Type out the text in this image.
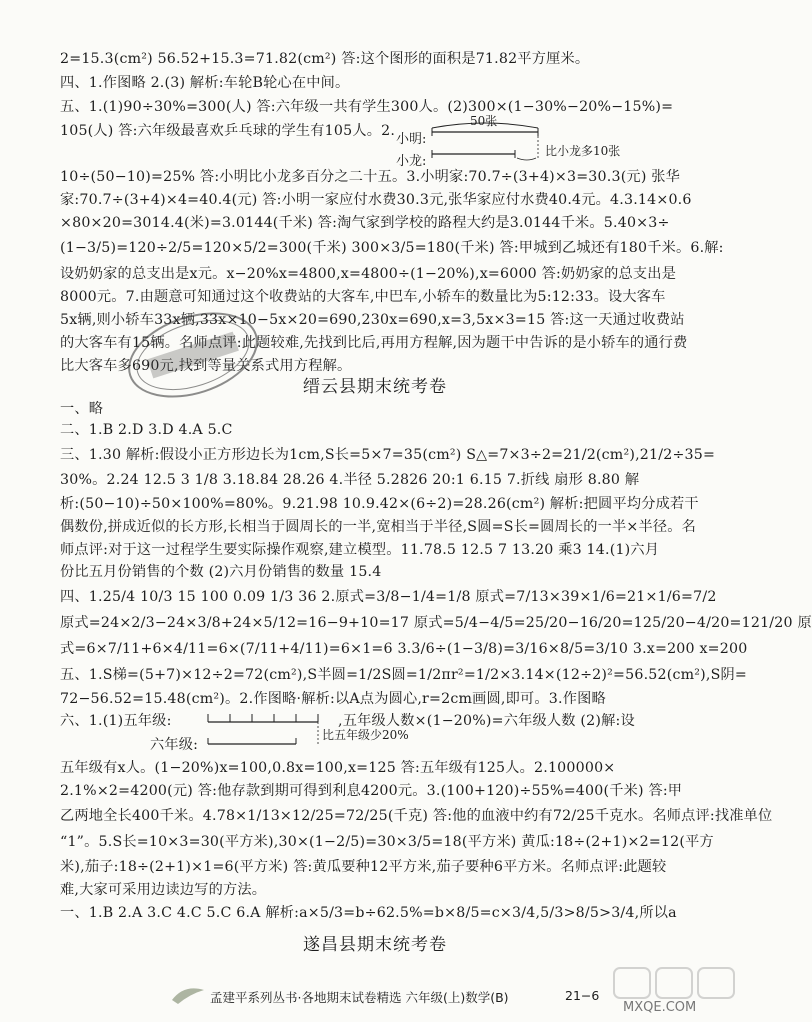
2=15.3(cm²) 56.52+15.3=71.82(cm²) 答:这个图形的面积是71.82平方厘米。
四、1.作图略 2.(3) 解析:车轮B轮心在中间。
五、1.(1)90÷30%=300(人) 答:六年级一共有学生300人。(2)300×(1−30%−20%−15%)=
105(人) 答:六年级最喜欢乒乓球的学生有105人。2.
小明:
50张
小龙:
比小龙多10张
10÷(50−10)=25% 答:小明比小龙多百分之二十五。3.小明家:70.7÷(3+4)×3=30.3(元) 张华
家:70.7÷(3+4)×4=40.4(元) 答:小明一家应付水费30.3元,张华家应付水费40.4元。4.3.14×0.6
×80×20=3014.4(米)=3.0144(千米) 答:淘气家到学校的路程大约是3.0144千米。5.40×3÷
(1−3/5)=120÷2/5=120×5/2=300(千米) 300×3/5=180(千米) 答:甲城到乙城还有180千米。6.解:
设奶奶家的总支出是x元。x−20%x=4800,x=4800÷(1−20%),x=6000 答:奶奶家的总支出是
8000元。7.由题意可知通过这个收费站的大客车,中巴车,小轿车的数量比为5:12:33。设大客车
5x辆,则小轿车33x辆,33x×10−5x×20=690,230x=690,x=3,5x×3=15 答:这一天通过收费站
的大客车有15辆。名师点评:此题较难,先找到比后,再用方程解,因为题干中告诉的是小轿车的通行费
比大客车多690元,找到等量关系式用方程解。
缙云县期末统考卷
一、略
二、1.B 2.D 3.D 4.A 5.C
三、1.30 解析:假设小正方形边长为1cm,S长=5×7=35(cm²) S△=7×3÷2=21/2(cm²),21/2÷35=
30%。2.24 12.5 3 1/8 3.18.84 28.26 4.半径 5.2826 20:1 6.15 7.折线 扇形 8.80 解
析:(50−10)÷50×100%=80%。9.21.98 10.9.42×(6÷2)=28.26(cm²) 解析:把圆平均分成若干
偶数份,拼成近似的长方形,长相当于圆周长的一半,宽相当于半径,S圆=S长=圆周长的一半×半径。名
师点评:对于这一过程学生要实际操作观察,建立模型。11.78.5 12.5 7 13.20 乘3 14.(1)六月
份比五月份销售的个数 (2)六月份销售的数量 15.4
四、1.25/4 10/3 15 100 0.09 1/3 36 2.原式=3/8−1/4=1/8 原式=7/13×39×1/6=21×1/6=7/2
原式=24×2/3−24×3/8+24×5/12=16−9+10=17 原式=5/4−4/5=25/20−16/20=125/20−4/20=121/20 原
式=6×7/11+6×4/11=6×(7/11+4/11)=6×1=6 3.3/6÷(1−3/8)=3/16×8/5=3/10 3.x=200 x=200
五、1.S梯=(5+7)×12÷2=72(cm²),S半圆=1/2S圆=1/2πr²=1/2×3.14×(12÷2)²=56.52(cm²),S阴=
72−56.52=15.48(cm²)。2.作图略·解析:以A点为圆心,r=2cm画圆,即可。3.作图略
六、1.(1)五年级:
六年级:
比五年级少20%
,五年级人数×(1−20%)=六年级人数 (2)解:设
五年级有x人。(1−20%)x=100,0.8x=100,x=125 答:五年级有125人。2.100000×
2.1%×2=4200(元) 答:他存款到期可得到利息4200元。3.(100+120)÷55%=400(千米) 答:甲
乙两地全长400千米。4.78×1/13×12/25=72/25(千克) 答:他的血液中约有72/25千克水。名师点评:找准单位
“1”。5.S长=10×3=30(平方米),30×(1−2/5)=30×3/5=18(平方米) 黄瓜:18÷(2+1)×2=12(平方
米),茄子:18÷(2+1)×1=6(平方米) 答:黄瓜要种12平方米,茄子要种6平方米。名师点评:此题较
难,大家可采用边读边写的方法。
一、1.B 2.A 3.C 4.C 5.C 6.A 解析:a×5/3=b÷62.5%=b×8/5=c×3/4,5/3>8/5>3/4,所以a
遂昌县期末统考卷
孟建平系列丛书·各地期末试卷精选 六年级(上)数学(B)	21−6
MXQE.COM
